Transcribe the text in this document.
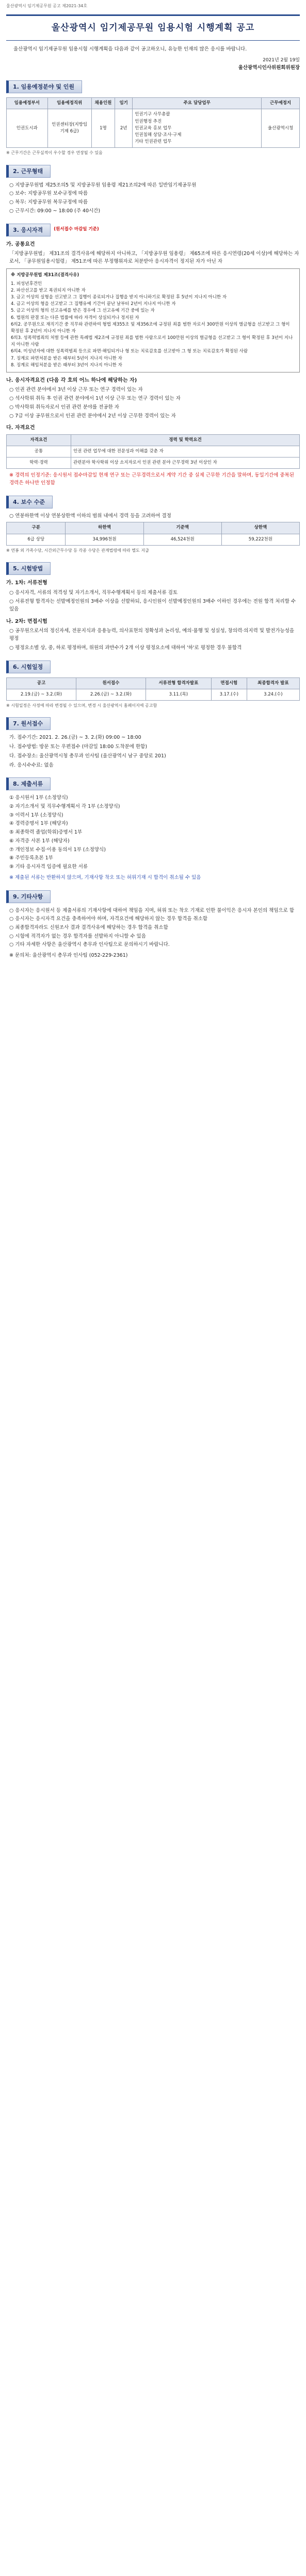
울산광역시 임기제공무원 공고 제2021-34호
울산광역시 임기제공무원 임용시험 시행계획 공고

울산광역시 임기제공무원 임용시험 시행계획을 다음과 같이 공고하오니, 유능한 인재의 많은 응시를 바랍니다.

2021년 2월 19일
울산광역시인사위원회위원장
1. 임용예정분야 및 인원
임용예정부서	임용예정직위	채용인원	임기	주요 담당업무	근무예정지
인권도시과	인권센터장(지방임기제 6급)	1명	2년	인권기구 사무총괄
인권행정 추진
인권교육 홍보 업무
인권침해 상담·조사·구제
기타 인권관련 업무	울산광역시청
※ 근무기간은 근무실적이 우수할 경우 연장될 수 있음
2. 근무형태
○ 지방공무원법 제25조의5 및 지방공무원 임용령 제21조의2에 따른 일반임기제공무원
○ 보수: 지방공무원 보수규정에 따름
○ 복무: 지방공무원 복무규정에 따름
○ 근무시간: 09:00 ~ 18:00 (주 40시간)
3. 응시자격	(원서접수 마감일 기준)
가. 공통요건

「지방공무원법」 제31조의 결격사유에 해당하지 아니하고, 「지방공무원 임용령」 제65조에 따른 응시연령(20세 이상)에 해당하는 자로서, 「공무원임용시험령」 제51조에 따른 부정행위자로 처분받아 응시자격이 정지된 자가 아닌 자

※ 지방공무원법 제31조(결격사유)
1. 피성년후견인
2. 파산선고를 받고 복권되지 아니한 자
3. 금고 이상의 실형을 선고받고 그 집행이 종료되거나 집행을 받지 아니하기로 확정된 후 5년이 지나지 아니한 자
4. 금고 이상의 형을 선고받고 그 집행유예 기간이 끝난 날부터 2년이 지나지 아니한 자
5. 금고 이상의 형의 선고유예를 받은 경우에 그 선고유예 기간 중에 있는 자
6. 법원의 판결 또는 다른 법률에 따라 자격이 상실되거나 정지된 자
6의2. 공무원으로 재직기간 중 직무와 관련하여 형법 제355조 및 제356조에 규정된 죄를 범한 자로서 300만원 이상의 벌금형을 선고받고 그 형이 확정된 후 2년이 지나지 아니한 자
6의3. 성폭력범죄의 처벌 등에 관한 특례법 제2조에 규정된 죄를 범한 사람으로서 100만원 이상의 벌금형을 선고받고 그 형이 확정된 후 3년이 지나지 아니한 사람
6의4. 미성년자에 대한 성폭력범죄 등으로 파면·해임되거나 형 또는 치료감호를 선고받아 그 형 또는 치료감호가 확정된 사람
7. 징계로 파면처분을 받은 때부터 5년이 지나지 아니한 자
8. 징계로 해임처분을 받은 때부터 3년이 지나지 아니한 자
나. 응시자격요건 (다음 각 호의 어느 하나에 해당하는 자)
○ 인권 관련 분야에서 3년 이상 근무 또는 연구 경력이 있는 자
○ 석사학위 취득 후 인권 관련 분야에서 1년 이상 근무 또는 연구 경력이 있는 자
○ 박사학위 취득자로서 인권 관련 분야를 전공한 자
○ 7급 이상 공무원으로서 인권 관련 분야에서 2년 이상 근무한 경력이 있는 자
다. 자격요건
자격요건	경력 및 학력요건
공통	인권 관련 업무에 대한 전문성과 이해를 갖춘 자
학력·경력	관련분야 학사학위 이상 소지자로서 인권 관련 분야 근무경력 3년 이상인 자

※ 경력의 인정기준: 응시원서 접수마감일 현재 연구 또는 근무경력으로서 계약 기간 중 실제 근무한 기간을 말하며, 동일기간에 중복된 경력은 하나만 인정함

4. 보수 수준

○ 연봉하한액 이상 연봉상한액 이하의 범위 내에서 경력 등을 고려하여 결정

구분	하한액	기준액	상한액
6급 상당	34,996천원	46,524천원	59,222천원
※ 연봉 외 가족수당, 시간외근무수당 등 각종 수당은 관계법령에 따라 별도 지급
5. 시험방법
가. 1차: 서류전형

○ 응시자격, 서류의 적격성 및 자기소개서, 직무수행계획서 등의 제출서류 검토

○ 서류전형 합격자는 선발예정인원의 3배수 이상을 선발하되, 응시인원이 선발예정인원의 3배수 이하인 경우에는 전원 합격 처리할 수 있음

나. 2차: 면접시험

○ 공무원으로서의 정신자세, 전문지식과 응용능력, 의사표현의 정확성과 논리성, 예의·품행 및 성실성, 창의력·의지력 및 발전가능성을 평정

○ 평정요소별 상, 중, 하로 평정하며, 위원의 과반수가 2개 이상 평정요소에 대하여 '하'로 평정한 경우 불합격

6. 시험일정
공고	원서접수	서류전형 합격자발표	면접시험	최종합격자 발표
2.19.(금) ~ 3.2.(화)	2.26.(금) ~ 3.2.(화)	3.11.(목)	3.17.(수)	3.24.(수)
※ 시험일정은 사정에 따라 변경될 수 있으며, 변경 시 울산광역시 홈페이지에 공고함
7. 원서접수

가. 접수기간: 2021. 2. 26.(금) ~ 3. 2.(화) 09:00 ~ 18:00

나. 접수방법: 방문 또는 우편접수 (마감일 18:00 도착분에 한함)

다. 접수장소: 울산광역시청 총무과 인사팀 (울산광역시 남구 중앙로 201)

라. 응시수수료: 없음

8. 제출서류
① 응시원서 1부 (소정양식)
② 자기소개서 및 직무수행계획서 각 1부 (소정양식)
③ 이력서 1부 (소정양식)
④ 경력증명서 1부 (해당자)
⑤ 최종학력 졸업(학위)증명서 1부
⑥ 자격증 사본 1부 (해당자)
⑦ 개인정보 수집·이용 동의서 1부 (소정양식)
⑧ 주민등록초본 1부
⑨ 기타 응시자격 입증에 필요한 서류

※ 제출된 서류는 반환하지 않으며, 기재사항 착오 또는 허위기재 시 합격이 취소될 수 있음

9. 기타사항
○ 응시자는 응시원서 등 제출서류의 기재사항에 대하여 책임을 지며, 허위 또는 착오 기재로 인한 불이익은 응시자 본인의 책임으로 함
○ 응시자는 응시자격 요건을 충족하여야 하며, 자격요건에 해당하지 않는 경우 합격을 취소함
○ 최종합격자라도 신원조사 결과 결격사유에 해당하는 경우 합격을 취소함
○ 시험에 적격자가 없는 경우 합격자를 선발하지 아니할 수 있음
○ 기타 자세한 사항은 울산광역시 총무과 인사팀으로 문의하시기 바랍니다.

※ 문의처: 울산광역시 총무과 인사팀 (052-229-2361)
